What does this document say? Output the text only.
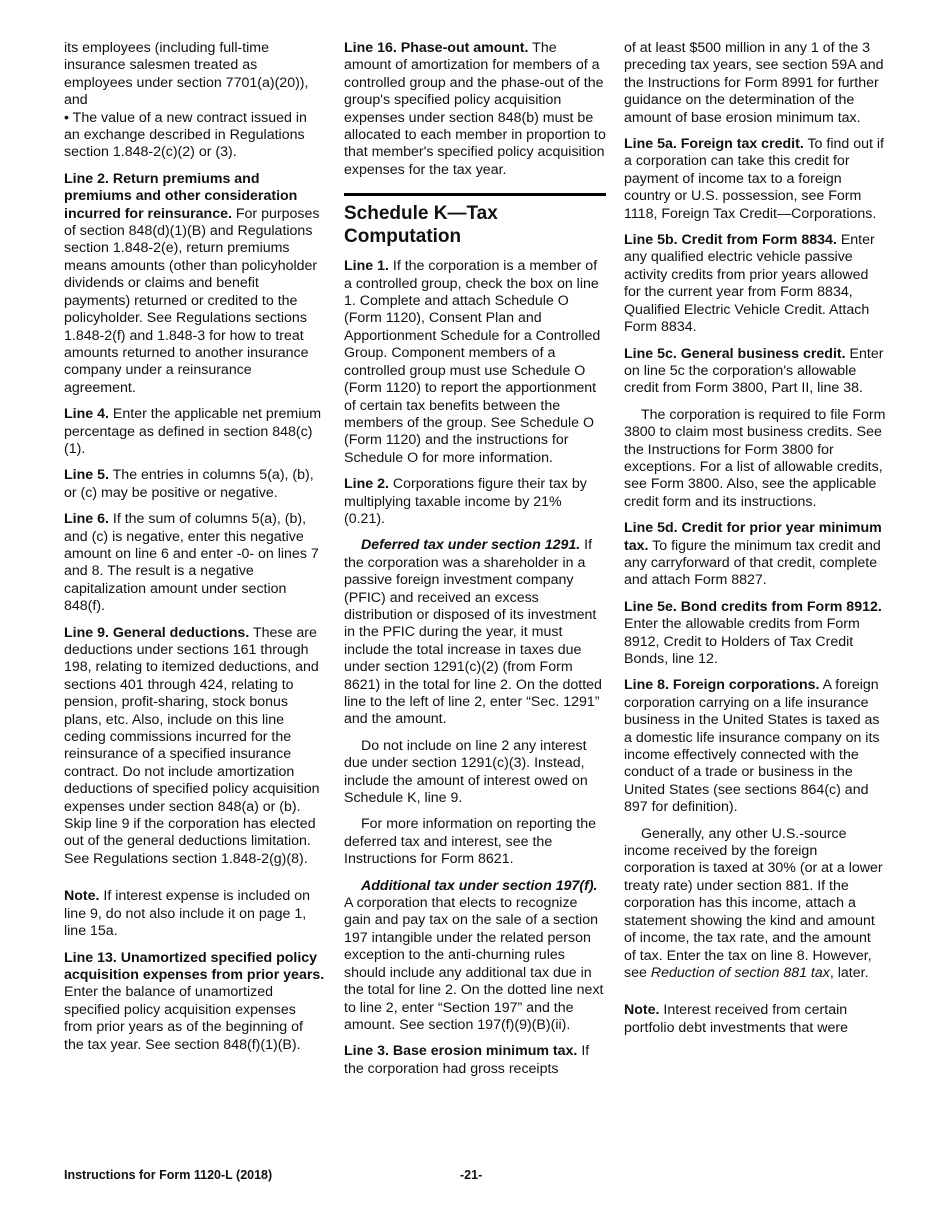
its employees (including full-time insurance salesmen treated as employees under section 7701(a)(20)), and
• The value of a new contract issued in an exchange described in Regulations section 1.848-2(c)(2) or (3).

Line 2. Return premiums and premiums and other consideration incurred for reinsurance. For purposes of section 848(d)(1)(B) and Regulations section 1.848-2(e), return premiums means amounts (other than policyholder dividends or claims and benefit payments) returned or credited to the policyholder. See Regulations sections 1.848-2(f) and 1.848-3 for how to treat amounts returned to another insurance company under a reinsurance agreement.

Line 4. Enter the applicable net premium percentage as defined in section 848(c)(1).

Line 5. The entries in columns 5(a), (b), or (c) may be positive or negative.

Line 6. If the sum of columns 5(a), (b), and (c) is negative, enter this negative amount on line 6 and enter -0- on lines 7 and 8. The result is a negative capitalization amount under section 848(f).

Line 9. General deductions. These are deductions under sections 161 through 198, relating to itemized deductions, and sections 401 through 424, relating to pension, profit-sharing, stock bonus plans, etc. Also, include on this line ceding commissions incurred for the reinsurance of a specified insurance contract. Do not include amortization deductions of specified policy acquisition expenses under section 848(a) or (b). Skip line 9 if the corporation has elected out of the general deductions limitation. See Regulations section 1.848-2(g)(8).

Note. If interest expense is included on line 9, do not also include it on page 1, line 15a.

Line 13. Unamortized specified policy acquisition expenses from prior years. Enter the balance of unamortized specified policy acquisition expenses from prior years as of the beginning of the tax year. See section 848(f)(1)(B).

Line 16. Phase-out amount. The amount of amortization for members of a controlled group and the phase-out of the group's specified policy acquisition expenses under section 848(b) must be allocated to each member in proportion to that member's specified policy acquisition expenses for the tax year.

Schedule K—Tax Computation

Line 1. If the corporation is a member of a controlled group, check the box on line 1. Complete and attach Schedule O (Form 1120), Consent Plan and Apportionment Schedule for a Controlled Group. Component members of a controlled group must use Schedule O (Form 1120) to report the apportionment of certain tax benefits between the members of the group. See Schedule O (Form 1120) and the instructions for Schedule O for more information.

Line 2. Corporations figure their tax by multiplying taxable income by 21% (0.21).

Deferred tax under section 1291. If the corporation was a shareholder in a passive foreign investment company (PFIC) and received an excess distribution or disposed of its investment in the PFIC during the year, it must include the total increase in taxes due under section 1291(c)(2) (from Form 8621) in the total for line 2. On the dotted line to the left of line 2, enter “Sec. 1291” and the amount.

Do not include on line 2 any interest due under section 1291(c)(3). Instead, include the amount of interest owed on Schedule K, line 9.

For more information on reporting the deferred tax and interest, see the Instructions for Form 8621.

Additional tax under section 197(f). A corporation that elects to recognize gain and pay tax on the sale of a section 197 intangible under the related person exception to the anti-churning rules should include any additional tax due in the total for line 2. On the dotted line next to line 2, enter “Section 197” and the amount. See section 197(f)(9)(B)(ii).

Line 3. Base erosion minimum tax. If the corporation had gross receipts

of at least $500 million in any 1 of the 3 preceding tax years, see section 59A and the Instructions for Form 8991 for further guidance on the determination of the amount of base erosion minimum tax.

Line 5a. Foreign tax credit. To find out if a corporation can take this credit for payment of income tax to a foreign country or U.S. possession, see Form 1118, Foreign Tax Credit—Corporations.

Line 5b. Credit from Form 8834. Enter any qualified electric vehicle passive activity credits from prior years allowed for the current year from Form 8834, Qualified Electric Vehicle Credit. Attach Form 8834.

Line 5c. General business credit. Enter on line 5c the corporation's allowable credit from Form 3800, Part II, line 38.

The corporation is required to file Form 3800 to claim most business credits. See the Instructions for Form 3800 for exceptions. For a list of allowable credits, see Form 3800. Also, see the applicable credit form and its instructions.

Line 5d. Credit for prior year minimum tax. To figure the minimum tax credit and any carryforward of that credit, complete and attach Form 8827.

Line 5e. Bond credits from Form 8912. Enter the allowable credits from Form 8912, Credit to Holders of Tax Credit Bonds, line 12.

Line 8. Foreign corporations. A foreign corporation carrying on a life insurance business in the United States is taxed as a domestic life insurance company on its income effectively connected with the conduct of a trade or business in the United States (see sections 864(c) and 897 for definition).

Generally, any other U.S.-source income received by the foreign corporation is taxed at 30% (or at a lower treaty rate) under section 881. If the corporation has this income, attach a statement showing the kind and amount of income, the tax rate, and the amount of tax. Enter the tax on line 8. However, see Reduction of section 881 tax, later.

Note. Interest received from certain portfolio debt investments that were

Instructions for Form 1120-L (2018)	-21-
